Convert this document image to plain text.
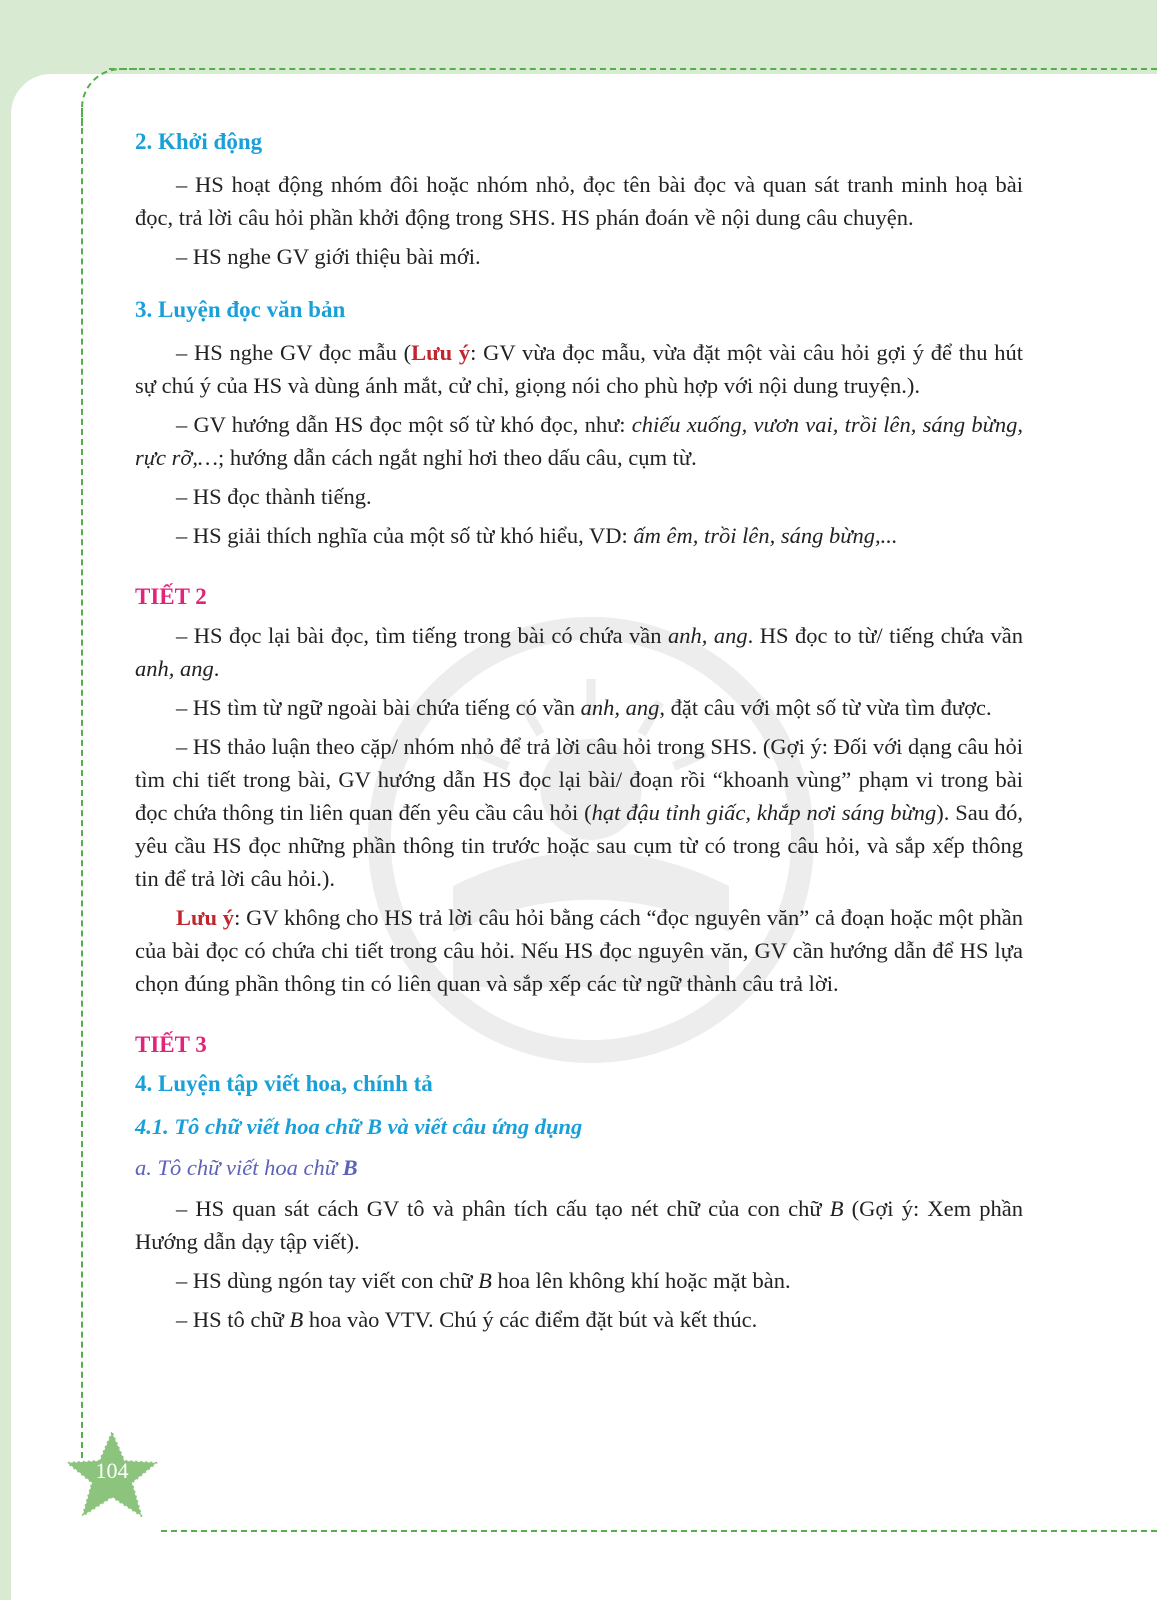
104
2. Khởi động

– HS hoạt động nhóm đôi hoặc nhóm nhỏ, đọc tên bài đọc và quan sát tranh minh hoạ bài đọc, trả lời câu hỏi phần khởi động trong SHS. HS phán đoán về nội dung câu chuyện.

– HS nghe GV giới thiệu bài mới.

3. Luyện đọc văn bản

– HS nghe GV đọc mẫu (Lưu ý: GV vừa đọc mẫu, vừa đặt một vài câu hỏi gợi ý để thu hút sự chú ý của HS và dùng ánh mắt, cử chỉ, giọng nói cho phù hợp với nội dung truyện.).

– GV hướng dẫn HS đọc một số từ khó đọc, như: chiếu xuống, vươn vai, trồi lên, sáng bừng, rực rỡ,…; hướng dẫn cách ngắt nghỉ hơi theo dấu câu, cụm từ.

– HS đọc thành tiếng.

– HS giải thích nghĩa của một số từ khó hiểu, VD: ấm êm, trồi lên, sáng bừng,...

TIẾT 2

– HS đọc lại bài đọc, tìm tiếng trong bài có chứa vần anh, ang. HS đọc to từ/ tiếng chứa vần anh, ang.

– HS tìm từ ngữ ngoài bài chứa tiếng có vần anh, ang, đặt câu với một số từ vừa tìm được.

– HS thảo luận theo cặp/ nhóm nhỏ để trả lời câu hỏi trong SHS. (Gợi ý: Đối với dạng câu hỏi tìm chi tiết trong bài, GV hướng dẫn HS đọc lại bài/ đoạn rồi “khoanh vùng” phạm vi trong bài đọc chứa thông tin liên quan đến yêu cầu câu hỏi (hạt đậu tỉnh giấc, khắp nơi sáng bừng). Sau đó, yêu cầu HS đọc những phần thông tin trước hoặc sau cụm từ có trong câu hỏi, và sắp xếp thông tin để trả lời câu hỏi.).

Lưu ý: GV không cho HS trả lời câu hỏi bằng cách “đọc nguyên văn” cả đoạn hoặc một phần của bài đọc có chứa chi tiết trong câu hỏi. Nếu HS đọc nguyên văn, GV cần hướng dẫn để HS lựa chọn đúng phần thông tin có liên quan và sắp xếp các từ ngữ thành câu trả lời.

TIẾT 3
4. Luyện tập viết hoa, chính tả
4.1. Tô chữ viết hoa chữ B và viết câu ứng dụng
a. Tô chữ viết hoa chữ B

– HS quan sát cách GV tô và phân tích cấu tạo nét chữ của con chữ B (Gợi ý: Xem phần Hướng dẫn dạy tập viết).

– HS dùng ngón tay viết con chữ B hoa lên không khí hoặc mặt bàn.

– HS tô chữ B hoa vào VTV. Chú ý các điểm đặt bút và kết thúc.
